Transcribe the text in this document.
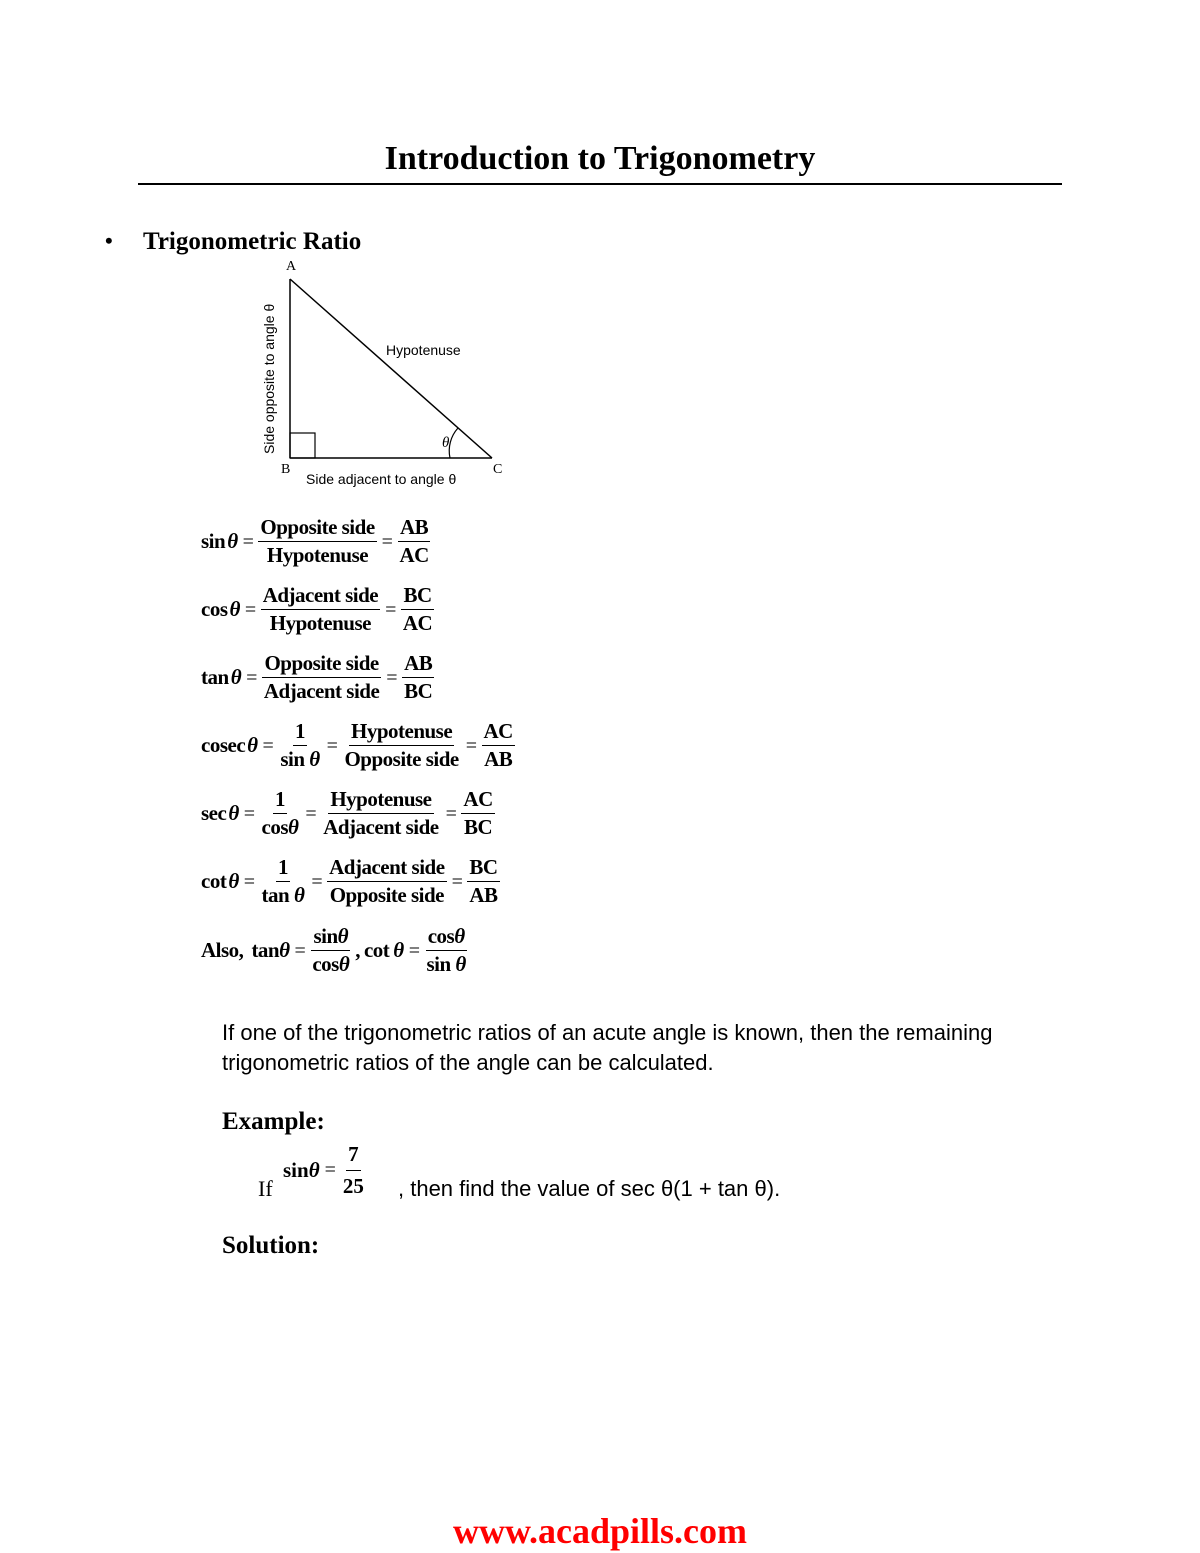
Introduction to Trigonometry
• Trigonometric Ratio
A
θ
Hypotenuse
Side opposite to angle θ
B	C
Side adjacent to angle θ
$\sin \theta = \frac{\text{Opposite side}}{\text{Hypotenuse}} = \frac{AB}{AC}$
$\cos \theta = \frac{\text{Adjacent side}}{\text{Hypotenuse}} = \frac{BC}{AC}$
$\tan \theta = \frac{\text{Opposite side}}{\text{Adjacent side}} = \frac{AB}{BC}$
cosec $\theta = \frac{1}{\text{sin θ}} = \frac{\text{Hypotenuse}}{\text{Opposite side}} = \frac{AC}{AB}$
$\sec \theta = \frac{1}{\cos\theta} = \frac{\text{Hypotenuse}}{\text{Adjacent side}} = \frac{AC}{BC}$
$\cot \theta = \frac{1}{\text{tan θ}} = \frac{\text{Adjacent side}}{\text{Opposite side}} = \frac{BC}{AB}$
Also, $\tan \theta = \frac{\sin\theta}{\cos\theta}$ , $\cot \theta = \frac{\cos\theta}{\text{sin θ}}$
If one of the trigonometric ratios of an acute angle is known, then the remaining trigonometric ratios of the angle can be calculated.
Example:
If
$\sin \theta = \frac{7}{25}$ , then find the value of sec θ(1 + tan θ).
Solution:
www.acadpills.com
